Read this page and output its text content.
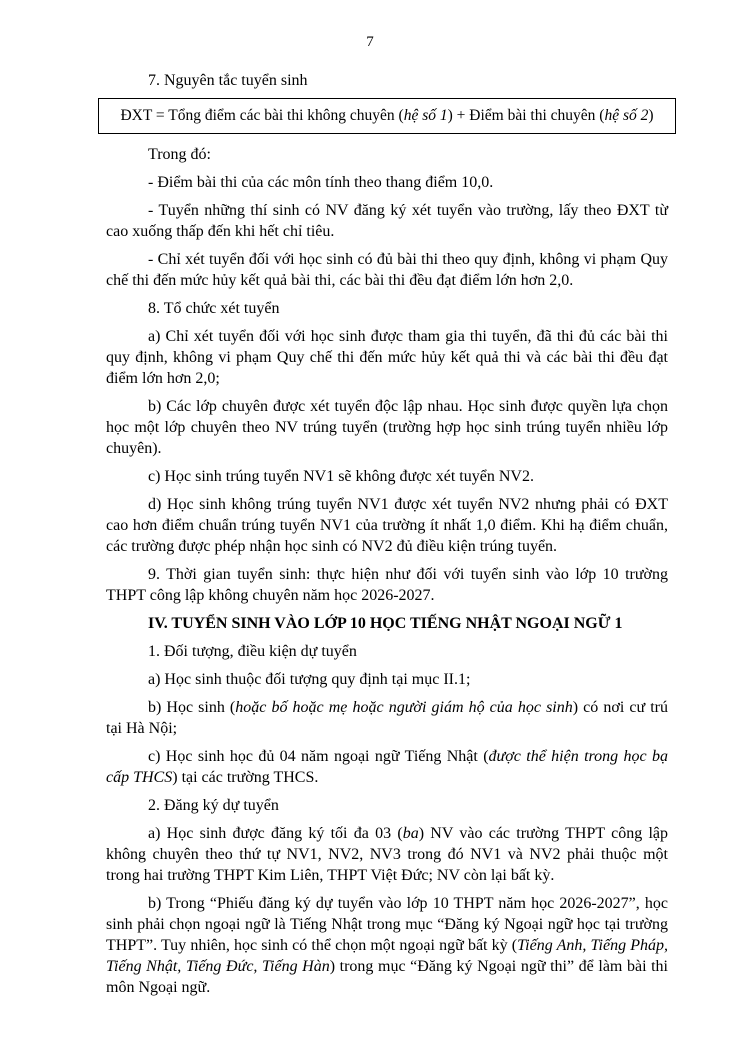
7

7. Nguyên tắc tuyển sinh

ĐXT = Tổng điểm các bài thi không chuyên (hệ số 1) + Điểm bài thi chuyên (hệ số 2)

Trong đó:

- Điểm bài thi của các môn tính theo thang điểm 10,0.

- Tuyển những thí sinh có NV đăng ký xét tuyển vào trường, lấy theo ĐXT từ cao xuống thấp đến khi hết chỉ tiêu.

- Chỉ xét tuyển đối với học sinh có đủ bài thi theo quy định, không vi phạm Quy chế thi đến mức hủy kết quả bài thi, các bài thi đều đạt điểm lớn hơn 2,0.

8. Tổ chức xét tuyển

a) Chỉ xét tuyển đối với học sinh được tham gia thi tuyển, đã thi đủ các bài thi quy định, không vi phạm Quy chế thi đến mức hủy kết quả thi và các bài thi đều đạt điểm lớn hơn 2,0;

b) Các lớp chuyên được xét tuyển độc lập nhau. Học sinh được quyền lựa chọn học một lớp chuyên theo NV trúng tuyển (trường hợp học sinh trúng tuyển nhiều lớp chuyên).

c) Học sinh trúng tuyển NV1 sẽ không được xét tuyển NV2.

d) Học sinh không trúng tuyển NV1 được xét tuyển NV2 nhưng phải có ĐXT cao hơn điểm chuẩn trúng tuyển NV1 của trường ít nhất 1,0 điểm. Khi hạ điểm chuẩn, các trường được phép nhận học sinh có NV2 đủ điều kiện trúng tuyển.

9. Thời gian tuyển sinh: thực hiện như đối với tuyển sinh vào lớp 10 trường THPT công lập không chuyên năm học 2026-2027.

IV. TUYỂN SINH VÀO LỚP 10 HỌC TIẾNG NHẬT NGOẠI NGỮ 1

1. Đối tượng, điều kiện dự tuyển

a) Học sinh thuộc đối tượng quy định tại mục II.1;

b) Học sinh (hoặc bố hoặc mẹ hoặc người giám hộ của học sinh) có nơi cư trú tại Hà Nội;

c) Học sinh học đủ 04 năm ngoại ngữ Tiếng Nhật (được thể hiện trong học bạ cấp THCS) tại các trường THCS.

2. Đăng ký dự tuyển

a) Học sinh được đăng ký tối đa 03 (ba) NV vào các trường THPT công lập không chuyên theo thứ tự NV1, NV2, NV3 trong đó NV1 và NV2 phải thuộc một trong hai trường THPT Kim Liên, THPT Việt Đức; NV còn lại bất kỳ.

b) Trong “Phiếu đăng ký dự tuyển vào lớp 10 THPT năm học 2026-2027”, học sinh phải chọn ngoại ngữ là Tiếng Nhật trong mục “Đăng ký Ngoại ngữ học tại trường THPT”. Tuy nhiên, học sinh có thể chọn một ngoại ngữ bất kỳ (Tiếng Anh, Tiếng Pháp, Tiếng Nhật, Tiếng Đức, Tiếng Hàn) trong mục “Đăng ký Ngoại ngữ thi” để làm bài thi môn Ngoại ngữ.
